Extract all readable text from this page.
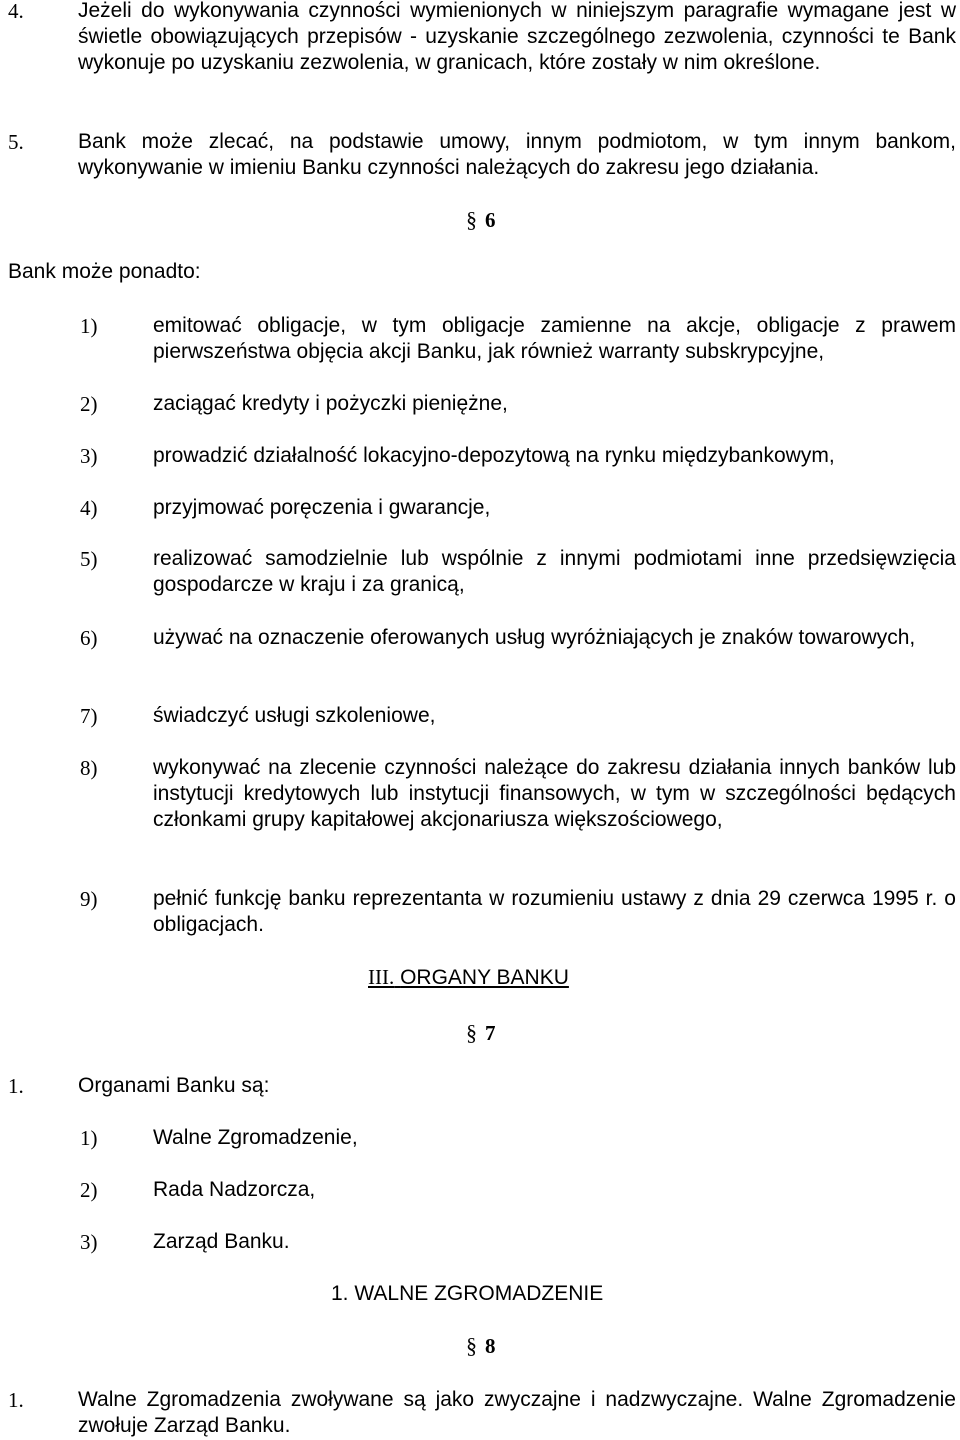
4.	Jeżeli do wykonywania czynności wymienionych w niniejszym paragrafie wymagane jest w świetle obowiązujących przepisów - uzyskanie szczególnego zezwolenia, czynności te Bank wykonuje po uzyskaniu zezwolenia, w granicach, które zostały w nim określone.
5.	Bank może zlecać, na podstawie umowy, innym podmiotom, w tym innym bankom, wykonywanie w imieniu Banku czynności należących do zakresu jego działania.
§ 6
Bank może ponadto:
1)	emitować obligacje, w tym obligacje zamienne na akcje, obligacje z prawem pierwszeństwa objęcia akcji Banku, jak również warranty subskrypcyjne,
2)	zaciągać kredyty i pożyczki pieniężne,
3)	prowadzić działalność lokacyjno-depozytową na rynku międzybankowym,
4)	przyjmować poręczenia i gwarancje,
5)	realizować samodzielnie lub wspólnie z innymi podmiotami inne przedsięwzięcia gospodarcze w kraju i za granicą,
6)	używać na oznaczenie oferowanych usług wyróżniających je znaków towarowych,
7)	świadczyć usługi szkoleniowe,
8)	wykonywać na zlecenie czynności należące do zakresu działania innych banków lub instytucji kredytowych lub instytucji finansowych, w tym w szczególności będących członkami grupy kapitałowej akcjonariusza większościowego,
9)	pełnić funkcję banku reprezentanta w rozumieniu ustawy z dnia 29 czerwca 1995 r. o obligacjach.
III. ORGANY BANKU
§ 7
1.	Organami Banku są:
1)	Walne Zgromadzenie,
2)	Rada Nadzorcza,
3)	Zarząd Banku.
1. WALNE ZGROMADZENIE
§ 8
1.	Walne Zgromadzenia zwoływane są jako zwyczajne i nadzwyczajne. Walne Zgromadzenie zwołuje Zarząd Banku.
